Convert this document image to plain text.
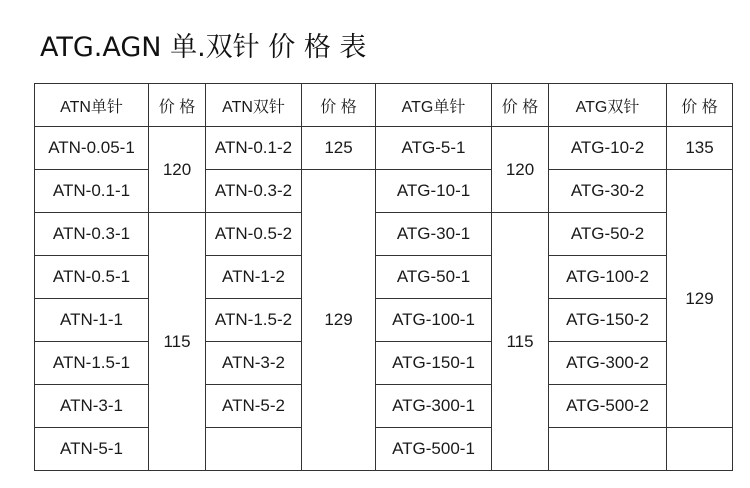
ATG.AGN 单.双针 价 格 表
ATN单针	价 格	ATN双针	价 格	ATG单针	价 格	ATG双针	价 格
ATN-0.05-1	120	ATN-0.1-2	125	ATG-5-1	120	ATG-10-2	135
ATN-0.1-1		ATN-0.3-2	129	ATG-10-1		ATG-30-2	129
ATN-0.3-1	115	ATN-0.5-2		ATG-30-1	115	ATG-50-2	
ATN-0.5-1		ATN-1-2		ATG-50-1		ATG-100-2	
ATN-1-1		ATN-1.5-2		ATG-100-1		ATG-150-2	
ATN-1.5-1		ATN-3-2		ATG-150-1		ATG-300-2	
ATN-3-1		ATN-5-2		ATG-300-1		ATG-500-2	
ATN-5-1				ATG-500-1			
